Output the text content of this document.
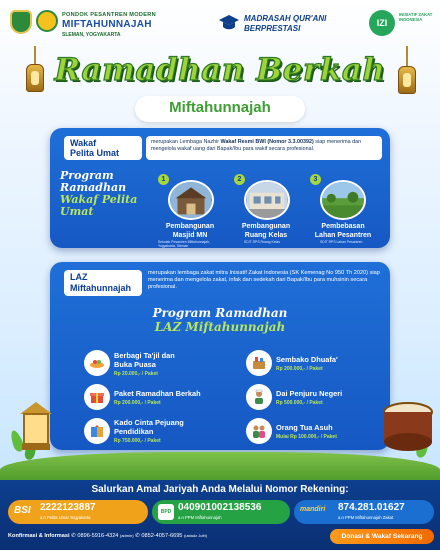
PONDOK PESANTREN MODERN
MIFTAHUNNAJAH
SLEMAN, YOGYAKARTA
MADRASAH QUR'ANI
BERPRESTASI
IZI
INISIATIF ZAKAT INDONESIA
Ramadhan Berkah
Miftahunnajah
Wakaf
Pelita Umat
merupakan Lembaga Nazhir Wakaf Resmi BWI (Nomor 3.3.00392) siap menerima dan mengelola wakaf uang dari Bapak/Ibu para wakif secara profesional.
Program
Ramadhan
Wakaf Pelita
Umat
1
Pembangunan
Masjid MN
Sekolah Pesantren Miftahunnajah, Yogyakarta, Sleman
2
Pembangunan
Ruang Kelas
SDIT RPS Ruang Kelas
3
Pembebasan
Lahan Pesantren
SDIT RPS Lahan Pesantren
LAZ
Miftahunnajah
merupakan lembaga zakat mitra Inisiatif Zakat Indonesia (SK Kemenag No 950 Th 2020) siap menerima dan mengelola zakat, infak dan sedekah dari Bapak/Ibu para muhsinin secara profesional.
Program Ramadhan
LAZ Miftahunnajah
Berbagi Ta'jil dan
Buka Puasa
Rp 20.000,- / Paket
Sembako Dhuafa'
Rp 200.000,- / Paket
Paket Ramadhan Berkah
Rp 200.000,- / Paket
Dai Penjuru Negeri
Rp 500.000,- / Paket
Kado Cinta Pejuang
Pendidikan
Rp 750.000,- / Paket
Orang Tua Asuh
Mulai Rp 100.000,- / Paket
Salurkan Amal Jariyah Anda Melalui Nomor Rekening:
BSI 2222123887
a.n Pelita Umat Yogyakarta
BPD 040901002138536
a.n PPM Miftahunnajah
mandiri 874.281.01627
a.n PPM Miftahunnajah Zakat
Konfirmasi & Informasi ✆ 0896-5916-4324 (admin) ✆ 0852-4057-6695 (ustadz Jufri)	Donasi & Wakaf Sekarang
